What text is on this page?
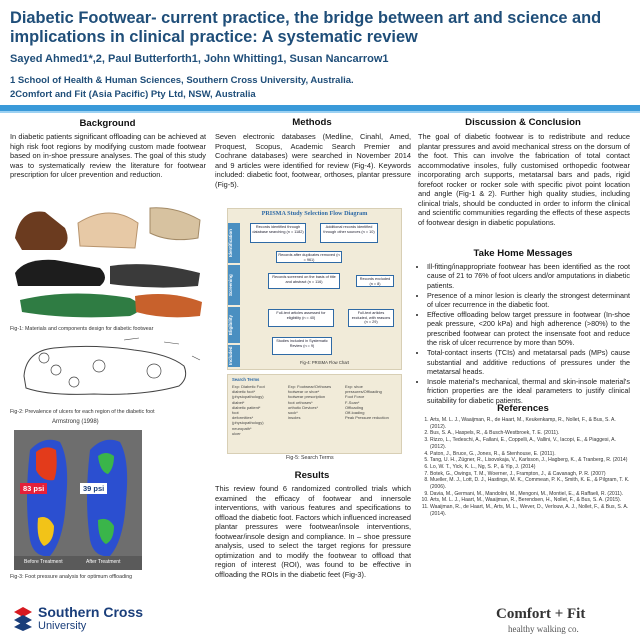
Diabetic Footwear- current practice, the bridge between art and science and implications in clinical practice: A systematic review
Sayed Ahmed1*,2, Paul Butterforth1, John Whitting1, Susan Nancarrow1
1 School of Health & Human Sciences, Southern Cross University, Australia.
2Comfort and Fit (Asia Pacific) Pty Ltd, NSW, Australia
Background
In diabetic patients significant offloading can be achieved at high risk foot regions by modifying custom made footwear based on in-shoe pressure analyses. The goal of this study was to systematically review the literature for footwear prescription for ulcer prevention and reduction.
Fig-1: Materials and components design for diabetic footwear
Fig-2: Prevalence of ulcers for each region of the diabetic foot
Armstrong (1998)
83 psi	39 psi
Before Treatment	After Treatment
Fig-3: Foot pressure analysis for optimum offloading
Methods
Seven electronic databases (Medline, Cinahl, Amed, Proquest, Scopus, Academic Search Premier and Cochrane databases) were searched in November 2014 and 9 articles were identified for review (Fig-4). Keywords included: diabetic foot, footwear, orthoses, plantar pressure (Fig-5).
PRISMA Study Selection Flow Diagram
Identification
Screening
Eligibility
Included
Records identified through database searching (n = 1182)
Additional records identified through other sources (n = 10)
Records after duplicates removed (n = 961)
Records screened on the basis of title and abstract (n = 116)
Records excluded (n = 8)
Full-text articles assessed for eligibility (n = 40)
Full-text articles excluded, with reasons (n = 29)
Studies included in Systematic Review (n = 9)
Fig-4: PRISMA Flow Chart
Search Terms
Exp: Diabetic Foot
diabetic foot* (physiopathology)
diabet*
diabetic patient*
foot
deformities* (physiopathology)
neuropath*
ulcer
Exp: Footwear/Orthoses
footwear or shoe*
footwear prescription
foot orthoses*
orthotic Devices*
sock*
insoles
Exp: shoe pressures/Offloading
Foot Force
F-Scan*
Offloading
Off-loading
Peak Pressure reduction
Fig-5: Search Terms
Results
This review found 6 randomized controlled trials which examined the efficacy of footwear and innersole interventions, with various features and specifications to offload the diabetic foot. Factors which influenced increased plantar pressures were footwear/insole interventions, footwear/insole design and compliance. In – shoe pressure analysis, used to select the target regions for pressure optimization and to modify the footwear to offload that region of interest (ROI), was found to be effective in offloading the ROIs in the diabetic feet (Fig-3).
Discussion & Conclusion
The goal of diabetic footwear is to redistribute and reduce plantar pressures and avoid mechanical stress on the dorsum of the foot. This can involve the fabrication of total contact accommodative insoles, fully customised orthopedic footwear incorporating arch supports, metatarsal bars and pads, rigid forefoot rocker or rocker sole with specific pivot point location and angle (Fig-1 & 2). Further high quality studies, including clinical trials, should be conducted in order to inform the clinical and scientific communities regarding the effects of these aspects of footwear design in diabetic populations.
Take Home Messages
• Ill-fitting/inappropriate footwear has been identified as the root cause of 21 to 76% of foot ulcers and/or amputations in diabetic patients.
• Presence of a minor lesion is clearly the strongest determinant of ulcer recurrence in the diabetic foot.
• Effective offloading below target pressure in footwear (In-shoe peak pressure, <200 kPa) and high adherence (>80%) to the prescribed footwear can protect the insensate foot and reduce the risk of ulcer recurrence by more than 50%.
• Total-contact inserts (TCIs) and metatarsal pads (MPs) cause substantial and additive reductions of pressures under the metatarsal heads.
• Insole material's mechanical, thermal and skin-insole material's friction properties are the ideal parameters to justify clinical suitability for diabetic patients.
References
1. Arts, M. L. J., Waaijman, R., de Haart, M., Keukenkamp, R., Nollet, F., & Bus, S. A. (2012).
2. Bus, S. A., Haspels, R., & Busch-Westbroek, T. E. (2011).
3. Rizzo, L., Tedeschi, A., Fallani, E., Coppelli, A., Vallini, V., Iacopi, E., & Piaggesi, A. (2012).
4. Paton, J., Bruce, G., Jones, R., & Stenhouse, E. (2011).
5. Tang, U. H., Zügner, R., Lisovskaja, V., Karlsson, J., Hagberg, K., & Tranberg, R. (2014)
6. Lo, W. T., Yick, K. L., Ng, S. P., & Yip, J. (2014)
7. Botek, G., Owings, T. M., Woerner, J., Frampton, J., & Cavanagh, P. R. (2007)
8. Mueller, M. J., Lott, D. J., Hastings, M. K., Commean, P. K., Smith, K. E., & Pilgram, T. K. (2006).
9. Davia, M., Germani, M., Mandolini, M., Mengoni, M., Montiel, E., & Raffaeli, R. (2011).
10. Arts, M. L. J., Haart, M., Waaijman, R., Berendsen, H., Nollet, F., & Bus, S. A. (2015).
11. Waaijman, R., de Haart, M., Arts, M. L., Wever, D., Verlouw, A. J., Nollet, F., & Bus, S. A. (2014).
Southern Cross
University
Comfort + Fit
healthy walking co.
